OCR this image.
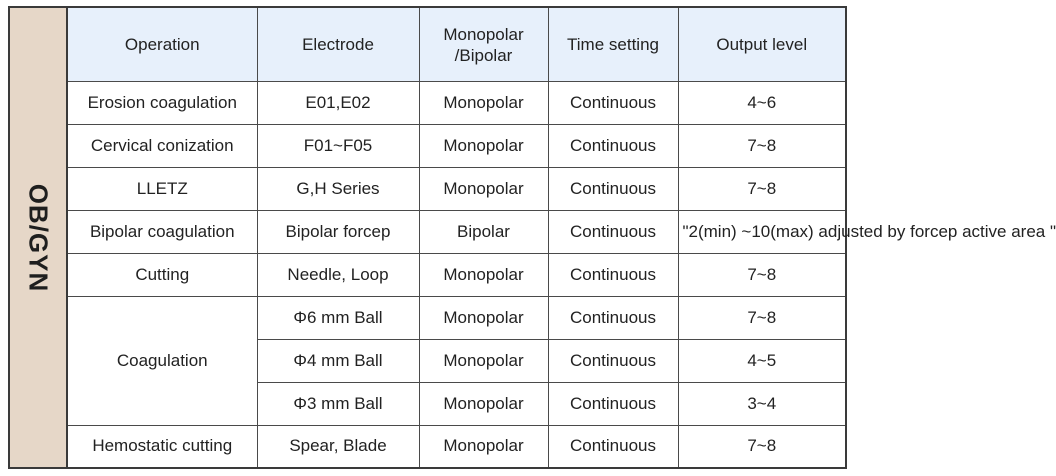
OB/GYN
Operation	Electrode	Monopolar /Bipolar	Time setting	Output level
Erosion coagulation	E01,E02	Monopolar	Continuous	4~6
Cervical conization	F01~F05	Monopolar	Continuous	7~8
LLETZ	G,H Series	Monopolar	Continuous	7~8
Bipolar coagulation	Bipolar forcep	Bipolar	Continuous	"2(min) ~10(max) adjusted by forcep active area "
Cutting	Needle, Loop	Monopolar	Continuous	7~8
Coagulation	Φ6 mm Ball	Monopolar	Continuous	7~8
	Φ4 mm Ball	Monopolar	Continuous	4~5
	Φ3 mm Ball	Monopolar	Continuous	3~4
Hemostatic cutting	Spear, Blade	Monopolar	Continuous	7~8
